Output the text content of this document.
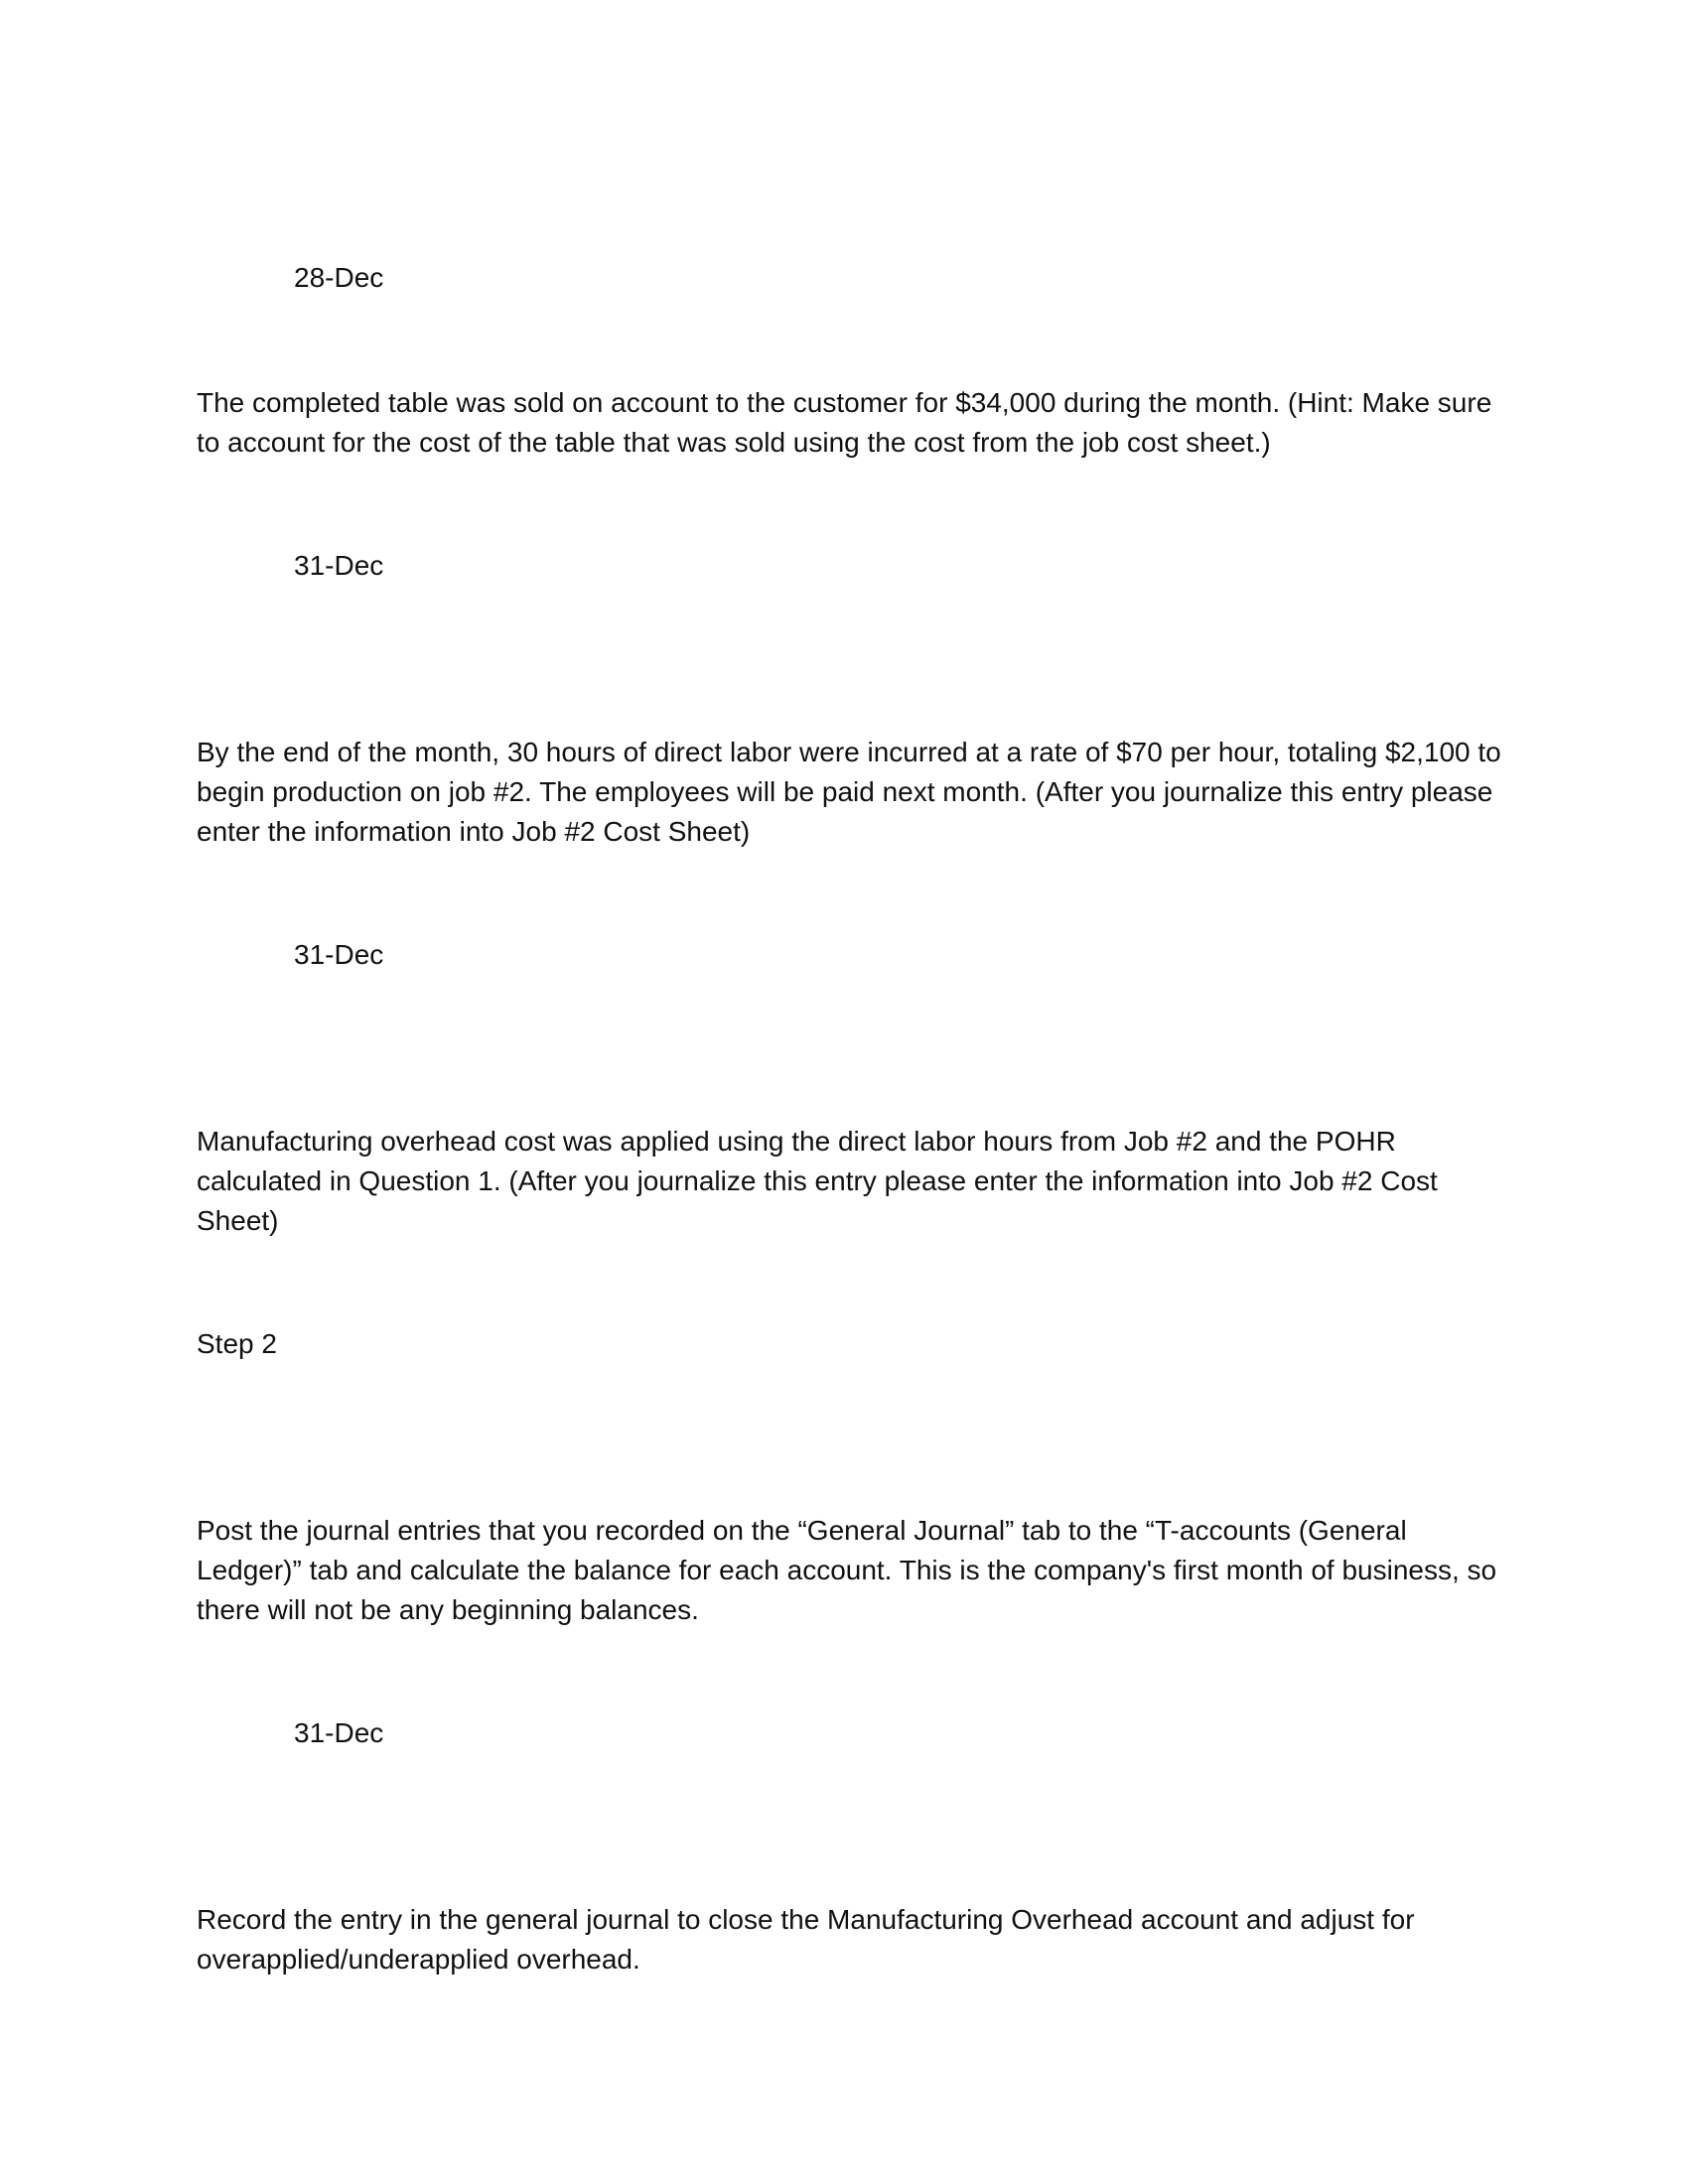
28-Dec

The completed table was sold on account to the customer for $34,000 during the month. (Hint: Make sure to account for the cost of the table that was sold using the cost from the job cost sheet.)

31-Dec

By the end of the month, 30 hours of direct labor were incurred at a rate of $70 per hour, totaling $2,100 to begin production on job #2. The employees will be paid next month. (After you journalize this entry please enter the information into Job #2 Cost Sheet)

31-Dec

Manufacturing overhead cost was applied using the direct labor hours from Job #2 and the POHR calculated in Question 1. (After you journalize this entry please enter the information into Job #2 Cost Sheet)

Step 2

Post the journal entries that you recorded on the “General Journal” tab to the “T-accounts (General Ledger)” tab and calculate the balance for each account. This is the company's first month of business, so there will not be any beginning balances.

31-Dec

Record the entry in the general journal to close the Manufacturing Overhead account and adjust for overapplied/underapplied overhead.
